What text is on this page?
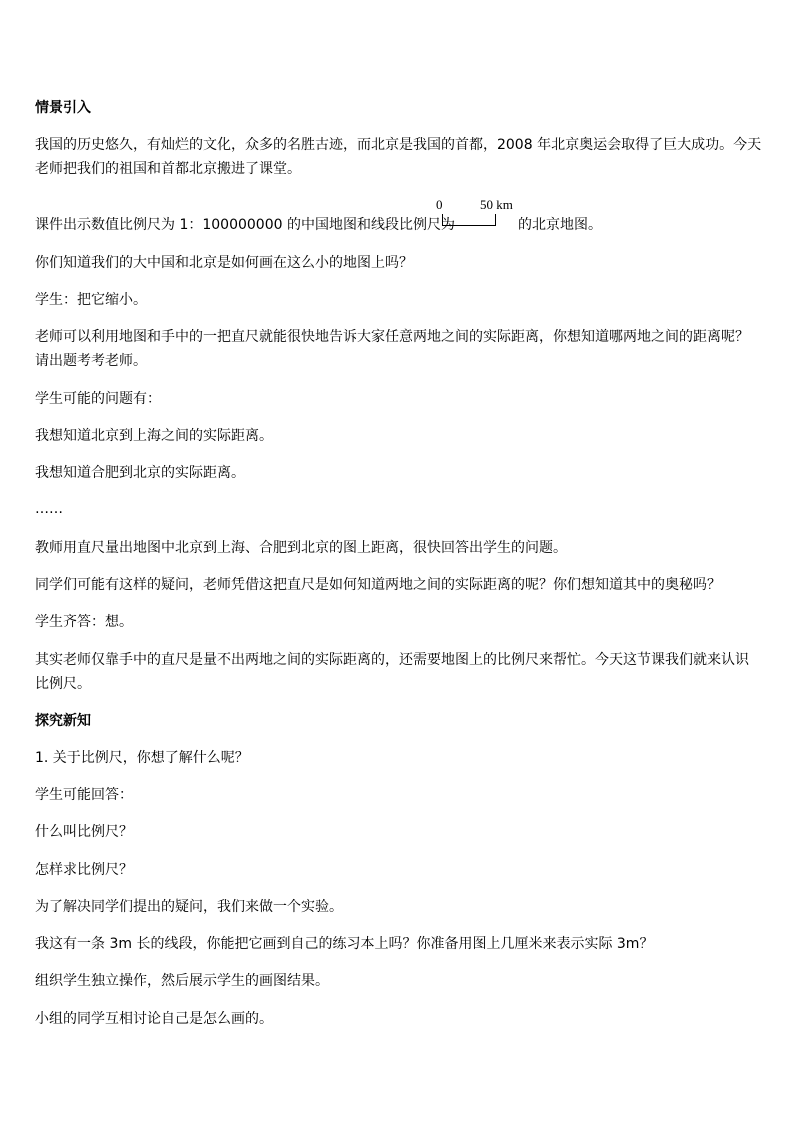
情景引入
我国的历史悠久，有灿烂的文化，众多的名胜古迹，而北京是我国的首都，2008 年北京奥运会取得了巨大成功。今天
老师把我们的祖国和首都北京搬进了课堂。
课件出示数值比例尺为 1：100000000 的中国地图和线段比例尺为
0	50 km
的北京地图。
你们知道我们的大中国和北京是如何画在这么小的地图上吗？
学生：把它缩小。
老师可以利用地图和手中的一把直尺就能很快地告诉大家任意两地之间的实际距离，你想知道哪两地之间的距离呢？
请出题考考老师。
学生可能的问题有：
我想知道北京到上海之间的实际距离。
我想知道合肥到北京的实际距离。
……
教师用直尺量出地图中北京到上海、合肥到北京的图上距离，很快回答出学生的问题。
同学们可能有这样的疑问，老师凭借这把直尺是如何知道两地之间的实际距离的呢？你们想知道其中的奥秘吗？
学生齐答：想。
其实老师仅靠手中的直尺是量不出两地之间的实际距离的，还需要地图上的比例尺来帮忙。今天这节课我们就来认识
比例尺。
探究新知
1. 关于比例尺，你想了解什么呢？
学生可能回答：
什么叫比例尺？
怎样求比例尺？
为了解决同学们提出的疑问，我们来做一个实验。
我这有一条 3m 长的线段，你能把它画到自己的练习本上吗？你准备用图上几厘米来表示实际 3m？
组织学生独立操作，然后展示学生的画图结果。
小组的同学互相讨论自己是怎么画的。
